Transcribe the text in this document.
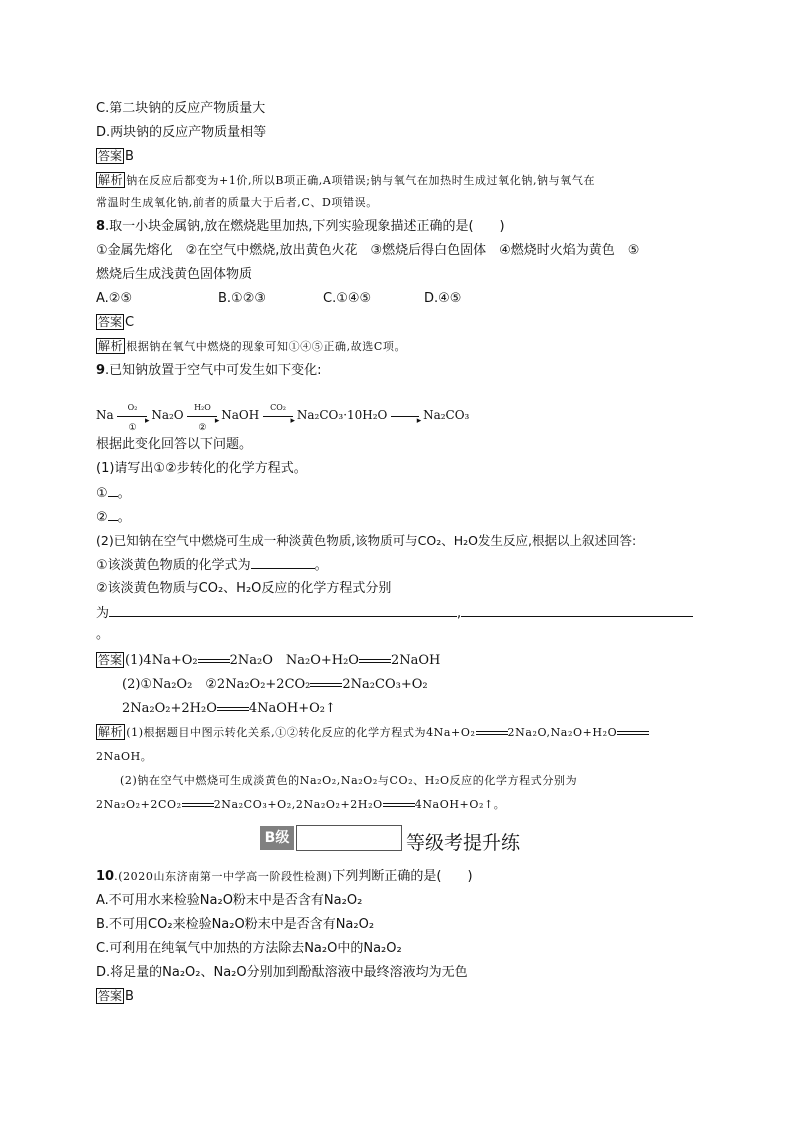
C.第二块钠的反应产物质量大
D.两块钠的反应产物质量相等
答案 B
解析 钠在反应后都变为+1价,所以B项正确,A项错误;钠与氧气在加热时生成过氧化钠,钠与氧气在
常温时生成氧化钠,前者的质量大于后者,C、D项错误。
8.取一小块金属钠,放在燃烧匙里加热,下列实验现象描述正确的是(　　)
①金属先熔化　②在空气中燃烧,放出黄色火花　③燃烧后得白色固体　④燃烧时火焰为黄色　⑤
燃烧后生成浅黄色固体物质
A.②⑤	B.①②③	C.①④⑤	D.④⑤
答案 C
解析 根据钠在氧气中燃烧的现象可知①④⑤正确,故选C项。
9.已知钠放置于空气中可发生如下变化:
Na
O₂
▸
①
Na₂O
H₂O
▸
②
NaOH
CO₂
▸ Na₂CO₃·10H₂O	▸ Na₂CO₃
根据此变化回答以下问题。
(1)请写出①②步转化的化学方程式。
① 。
② 。
(2)已知钠在空气中燃烧可生成一种淡黄色物质,该物质可与CO₂、H₂O发生反应,根据以上叙述回答:
①该淡黄色物质的化学式为	。
②该淡黄色物质与CO₂、H₂O反应的化学方程式分别
为	,
。
答案 (1)4Na+O₂ 2Na₂O　Na₂O+H₂O 2NaOH
(2)①Na₂O₂　②2Na₂O₂+2CO₂ 2Na₂CO₃+O₂
2Na₂O₂+2H₂O 4NaOH+O₂↑
解析 (1)根据题目中图示转化关系,①②转化反应的化学方程式为4Na+O₂	2Na₂O,Na₂O+H₂O
2NaOH。
(2)钠在空气中燃烧可生成淡黄色的Na₂O₂,Na₂O₂与CO₂、H₂O反应的化学方程式分别为
2Na₂O₂+2CO₂	2Na₂CO₃+O₂,2Na₂O₂+2H₂O	4NaOH+O₂↑。
B级	等级考提升练
10.(2020山东济南第一中学高一阶段性检测)下列判断正确的是(　　)
A.不可用水来检验Na₂O粉末中是否含有Na₂O₂
B.不可用CO₂来检验Na₂O粉末中是否含有Na₂O₂
C.可利用在纯氧气中加热的方法除去Na₂O中的Na₂O₂
D.将足量的Na₂O₂、Na₂O分别加到酚酞溶液中最终溶液均为无色
答案 B
